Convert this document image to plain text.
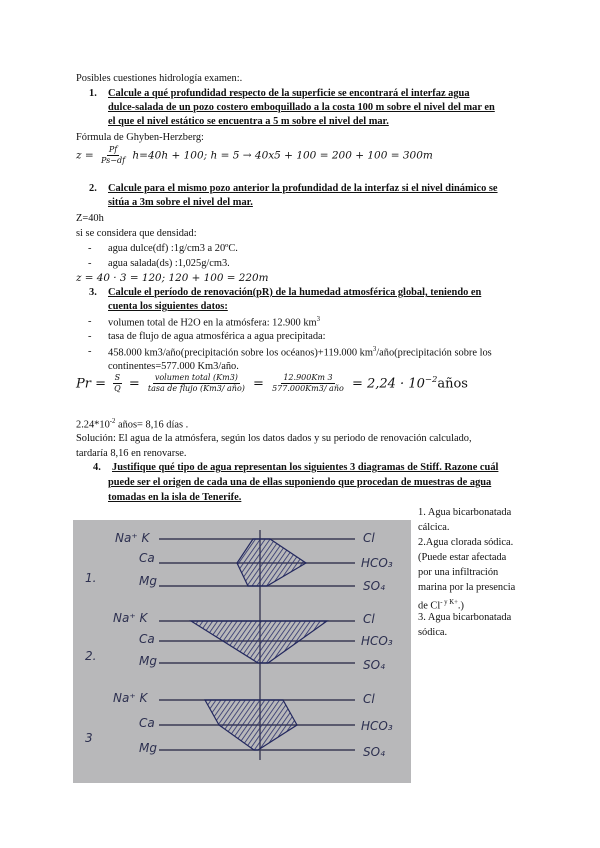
Posibles cuestiones hidrología examen:.
1. Calcule a qué profundidad respecto de la superficie se encontrará el interfaz agua
dulce-salada de un pozo costero emboquillado a la costa 100 m sobre el nivel del mar en
el que el nivel estático se encuentra a 5 m sobre el nivel del mar.
Fórmula de Ghyben-Herzberg:
$z = \frac{Pf}{Ps-df} h=40h + 100$; h = 5 → 40x5 + 100 = 200 + 100 = 300m
2. Calcule para el mismo pozo anterior la profundidad de la interfaz si el nivel dinámico se
sitúa a 3m sobre el nivel del mar.
Z=40h
si se considera que densidad:
- agua dulce(df) :1g/cm3 a 20ºC.
- agua salada(ds) :1,025g/cm3.
z = 40 · 3 = 120; 120 + 100 = 220m
3. Calcule el período de renovación(pR) de la humedad atmosférica global, teniendo en
cuenta los siguientes datos:
- volumen total de H2O en la atmósfera: 12.900 $km^3$
- tasa de flujo de agua atmosférica a agua precipitada:
- 458.000 km3/año(precipitación sobre los océanos)+119.000 $km^3/año(precipitación$ sobre los
continentes=577.000 Km3/año.
$Pr = \frac{S}{Q} = \frac{\text{volumen total (Km3)}}{\text{tasa de flujo (Km3/ año)}} = \frac{12.900Km 3}{\text{577.000Km3/ año}} = 2,24$ · $10^{-2}años$
$2.24*10^{-2}$ años= 8,16 días .
Solución: El agua de la atmósfera, según los datos dados y su periodo de renovación calculado,
tardaría 8,16 en renovarse.
4. Justifique qué tipo de agua representan los siguientes 3 diagramas de Stiff. Razone cuál
puede ser el origen de cada una de ellas suponiendo que procedan de muestras de agua
tomadas en la isla de Tenerife.
Na⁺ K
Ca
Mg
Cl
HCO₃
SO₄
1.
Na⁺ K
Ca
Mg
Cl
HCO₃
SO₄
2.
Na⁺ K
Ca
Mg
Cl
HCO₃
SO₄
3
1. Agua bicarbonatada
cálcica.
2.Agua clorada sódica.
(Puede estar afectada
por una infiltración
marina por la presencia
de $Cl^{- y K+}$.)
3. Agua bicarbonatada
sódica.
